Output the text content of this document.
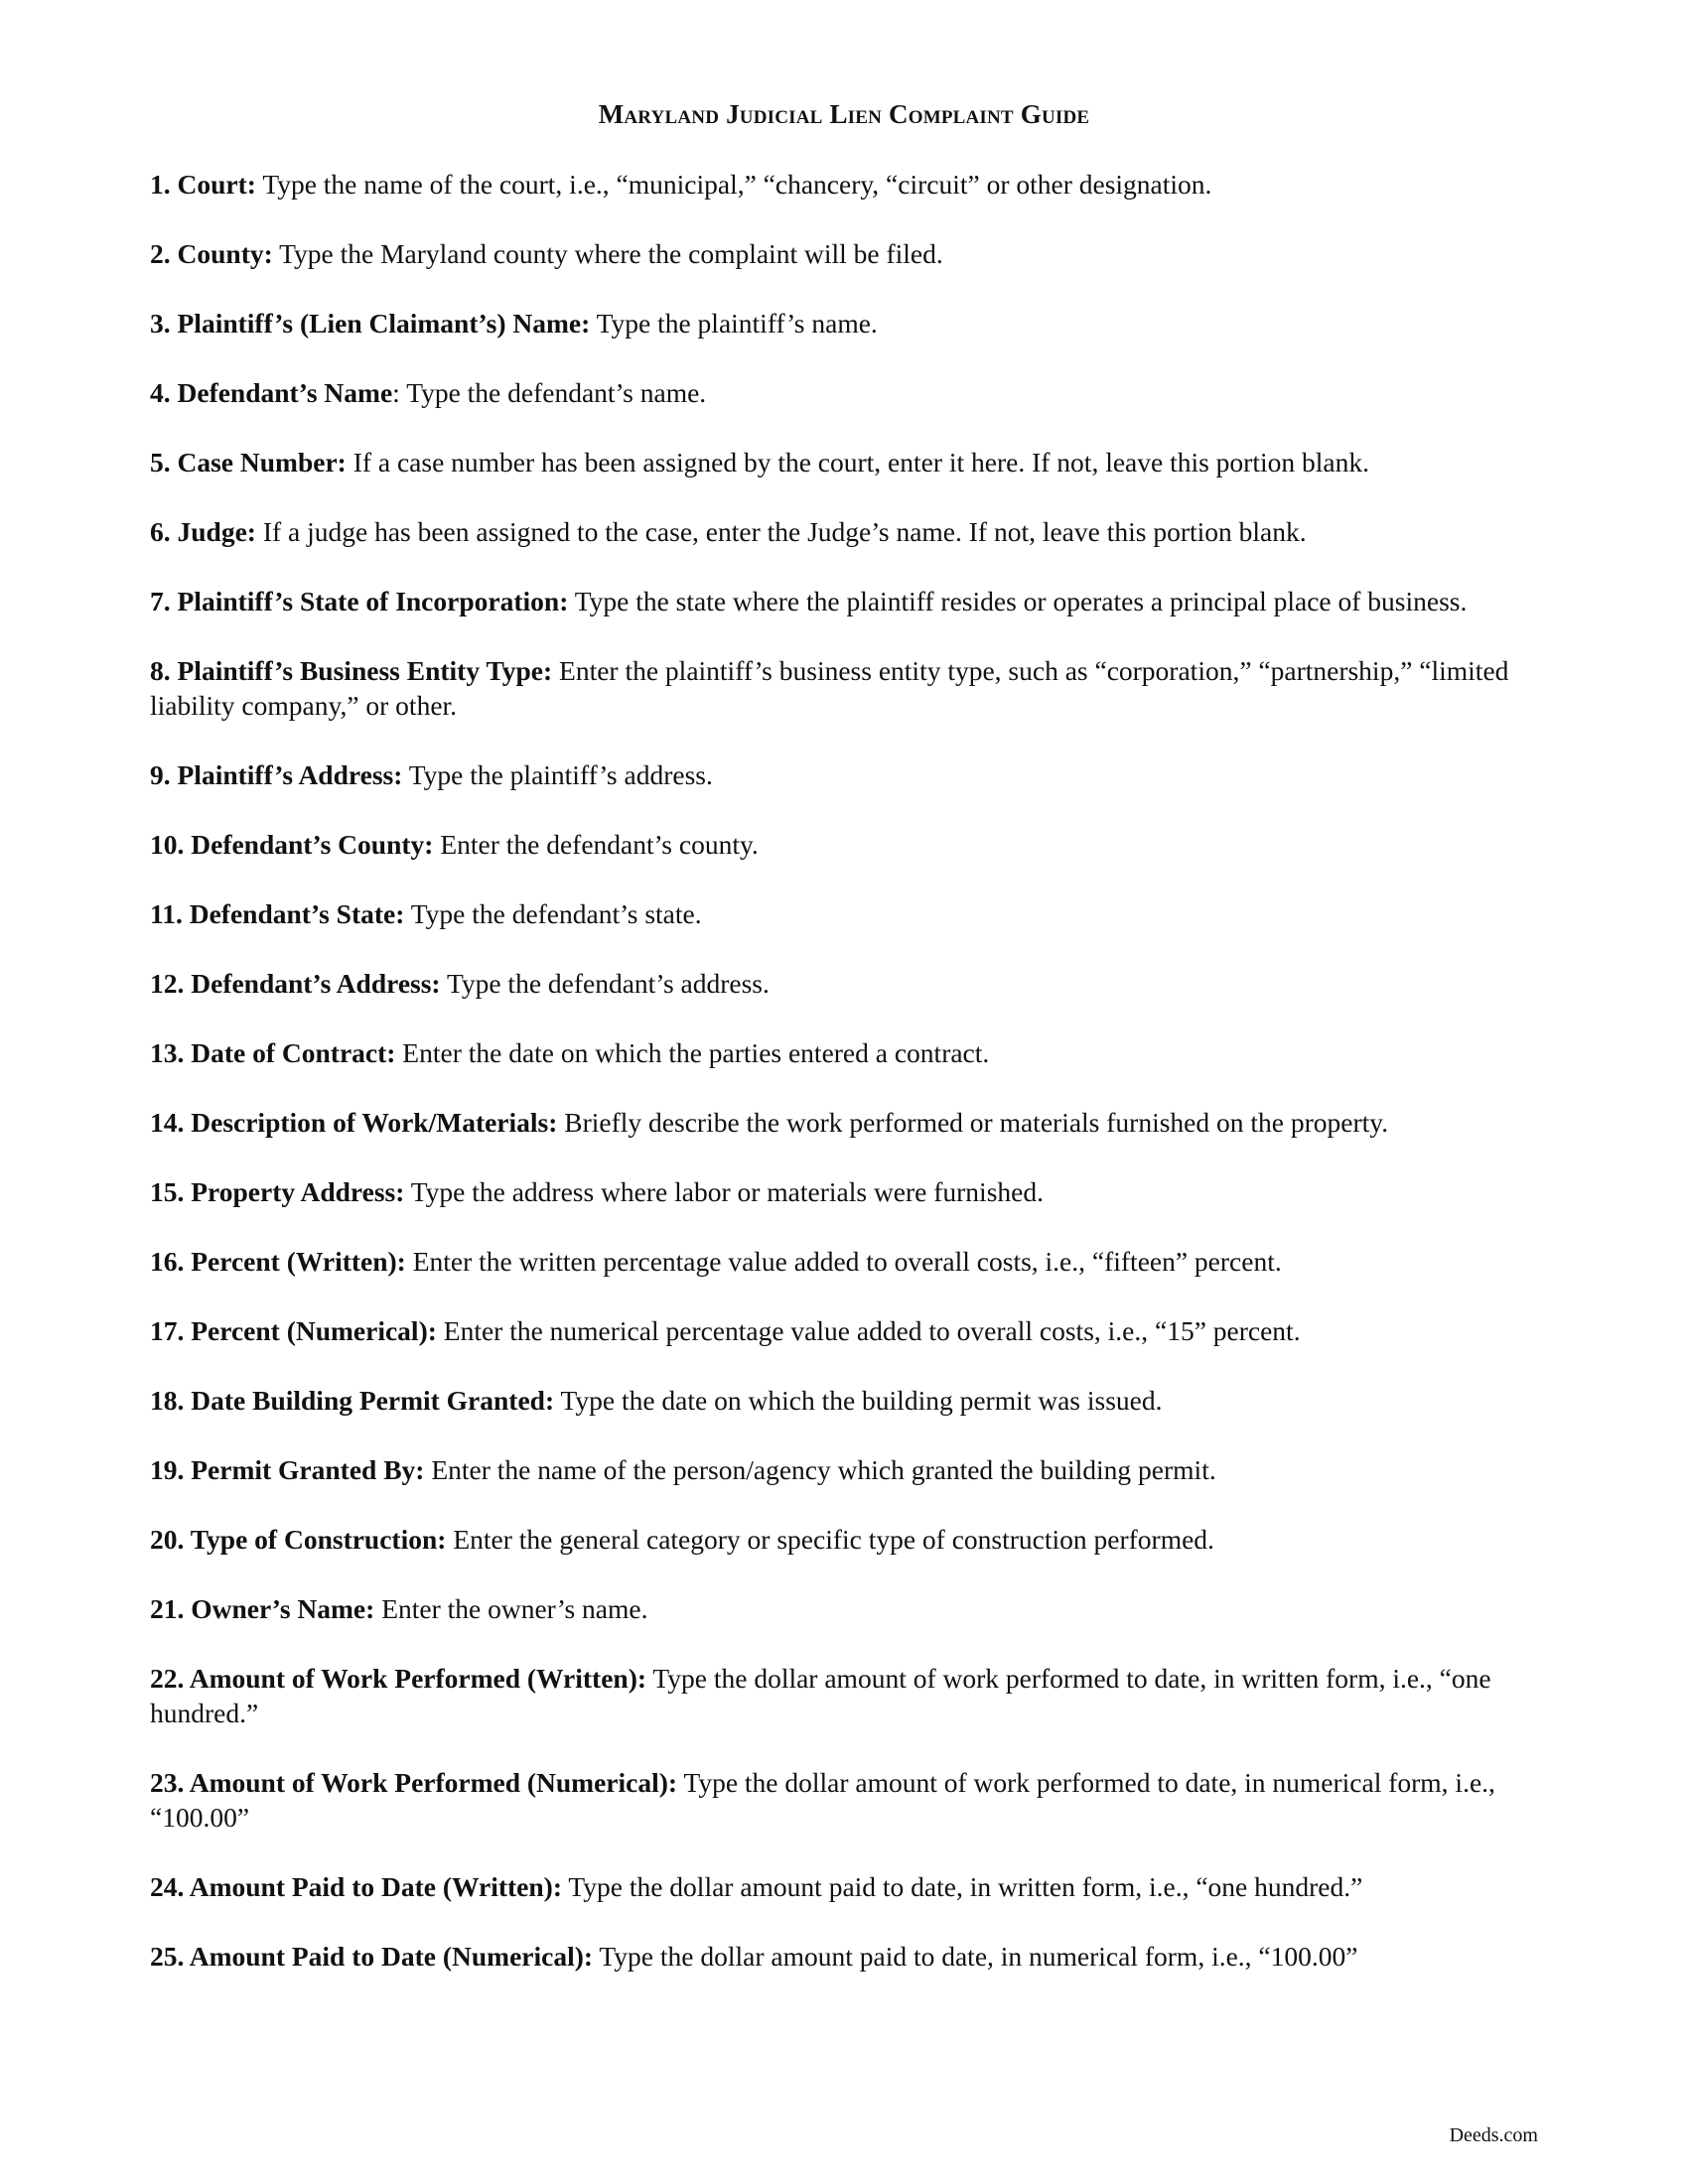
Maryland Judicial Lien Complaint Guide
1. Court: Type the name of the court, i.e., “municipal,” “chancery, “circuit” or other designation.
2. County: Type the Maryland county where the complaint will be filed.
3. Plaintiff’s (Lien Claimant’s) Name: Type the plaintiff’s name.
4. Defendant’s Name: Type the defendant’s name.
5. Case Number: If a case number has been assigned by the court, enter it here. If not, leave this portion blank.
6. Judge: If a judge has been assigned to the case, enter the Judge’s name. If not, leave this portion blank.
7. Plaintiff’s State of Incorporation: Type the state where the plaintiff resides or operates a principal place of business.
8. Plaintiff’s Business Entity Type: Enter the plaintiff’s business entity type, such as “corporation,” “partnership,” “limited liability company,” or other.
9. Plaintiff’s Address: Type the plaintiff’s address.
10. Defendant’s County: Enter the defendant’s county.
11. Defendant’s State: Type the defendant’s state.
12. Defendant’s Address: Type the defendant’s address.
13. Date of Contract: Enter the date on which the parties entered a contract.
14. Description of Work/Materials: Briefly describe the work performed or materials furnished on the property.
15. Property Address: Type the address where labor or materials were furnished.
16. Percent (Written): Enter the written percentage value added to overall costs, i.e., “fifteen” percent.
17. Percent (Numerical): Enter the numerical percentage value added to overall costs, i.e., “15” percent.
18. Date Building Permit Granted: Type the date on which the building permit was issued.
19. Permit Granted By: Enter the name of the person/agency which granted the building permit.
20. Type of Construction: Enter the general category or specific type of construction performed.
21. Owner’s Name: Enter the owner’s name.
22. Amount of Work Performed (Written): Type the dollar amount of work performed to date, in written form, i.e., “one hundred.”
23. Amount of Work Performed (Numerical): Type the dollar amount of work performed to date, in numerical form, i.e., “100.00”
24. Amount Paid to Date (Written): Type the dollar amount paid to date, in written form, i.e., “one hundred.”
25. Amount Paid to Date (Numerical): Type the dollar amount paid to date, in numerical form, i.e., “100.00”

Deeds.com
